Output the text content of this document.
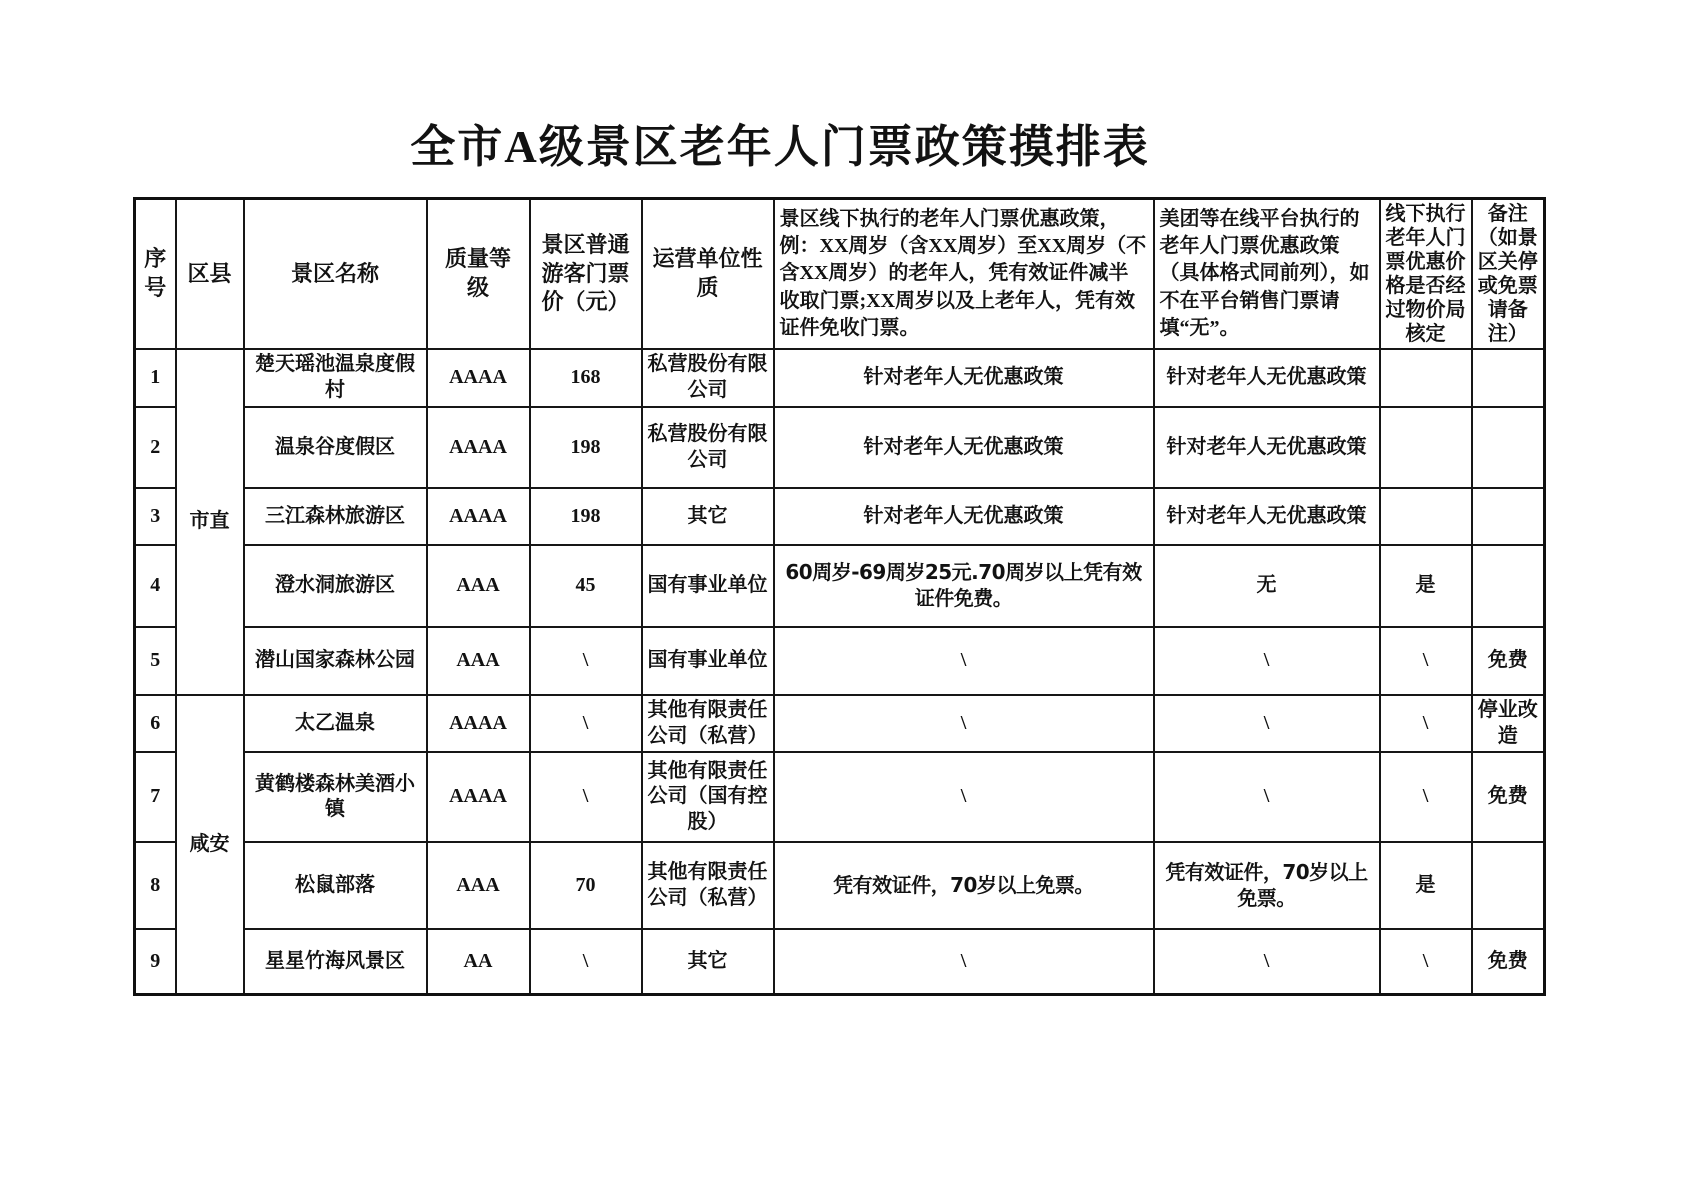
全市A级景区老年人门票政策摸排表
序号	区县	景区名称	质量等级	景区普通游客门票价（元）	运营单位性质	景区线下执行的老年人门票优惠政策，例：XX周岁（含XX周岁）至XX周岁（不含XX周岁）的老年人，凭有效证件减半收取门票;XX周岁以及上老年人，凭有效证件免收门票。	美团等在线平台执行的老年人门票优惠政策（具体格式同前列），如不在平台销售门票请填“无”。	线下执行老年人门票优惠价格是否经过物价局核定	备注（如景区关停或免票请备注）
1	市直	楚天瑶池温泉度假村	AAAA	168	私营股份有限公司	针对老年人无优惠政策	针对老年人无优惠政策		
2		温泉谷度假区	AAAA	198	私营股份有限公司	针对老年人无优惠政策	针对老年人无优惠政策		
3		三江森林旅游区	AAAA	198	其它	针对老年人无优惠政策	针对老年人无优惠政策		
4		澄水洞旅游区	AAA	45	国有事业单位	60周岁-69周岁25元.70周岁以上凭有效证件免费。	无	是	
5		潜山国家森林公园	AAA	\	国有事业单位	\	\	\	免费
6	咸安	太乙温泉	AAAA	\	其他有限责任公司（私营）	\	\	\	停业改造
7		黄鹤楼森林美酒小镇	AAAA	\	其他有限责任公司（国有控股）	\	\	\	免费
8		松鼠部落	AAA	70	其他有限责任公司（私营）	凭有效证件，70岁以上免票。	凭有效证件，70岁以上免票。	是	
9		星星竹海风景区	AA	\	其它	\	\	\	免费
